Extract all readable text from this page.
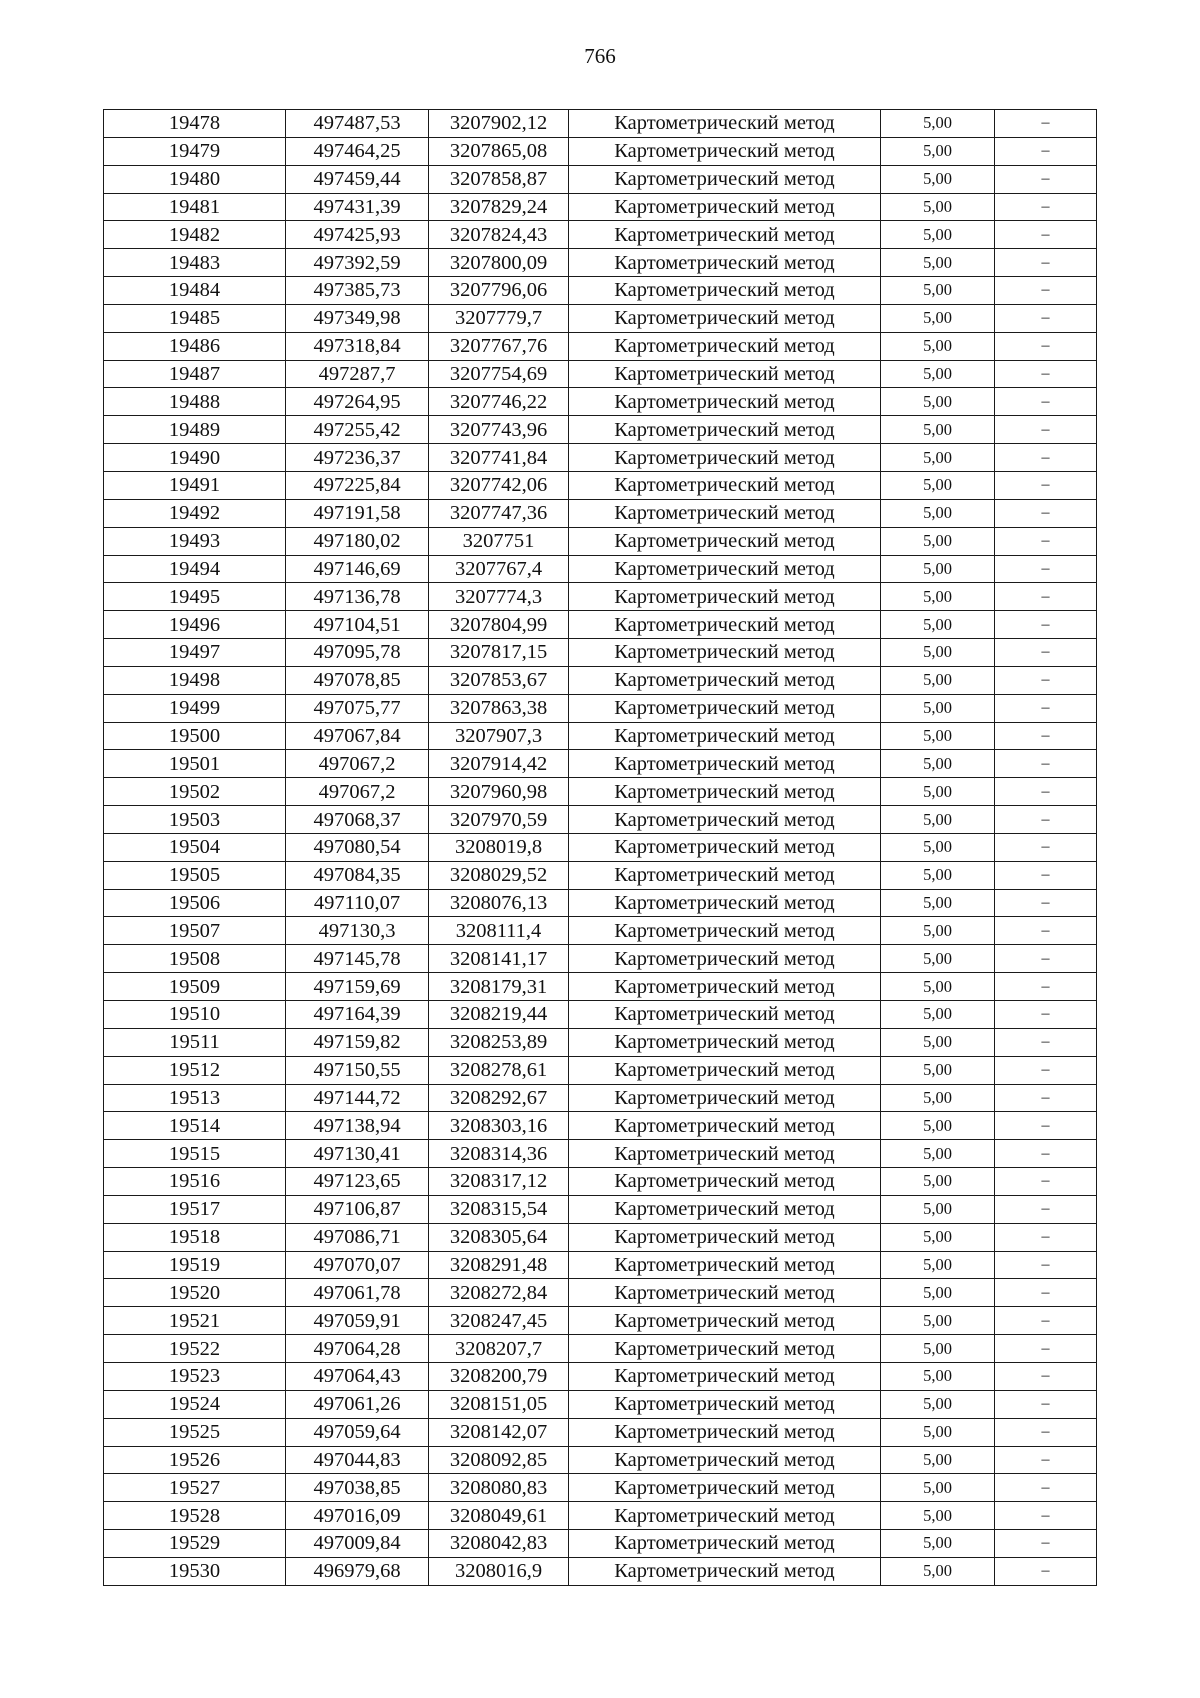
766
19478	497487,53	3207902,12	Картометрический метод	5,00	–
19479	497464,25	3207865,08	Картометрический метод	5,00	–
19480	497459,44	3207858,87	Картометрический метод	5,00	–
19481	497431,39	3207829,24	Картометрический метод	5,00	–
19482	497425,93	3207824,43	Картометрический метод	5,00	–
19483	497392,59	3207800,09	Картометрический метод	5,00	–
19484	497385,73	3207796,06	Картометрический метод	5,00	–
19485	497349,98	3207779,7	Картометрический метод	5,00	–
19486	497318,84	3207767,76	Картометрический метод	5,00	–
19487	497287,7	3207754,69	Картометрический метод	5,00	–
19488	497264,95	3207746,22	Картометрический метод	5,00	–
19489	497255,42	3207743,96	Картометрический метод	5,00	–
19490	497236,37	3207741,84	Картометрический метод	5,00	–
19491	497225,84	3207742,06	Картометрический метод	5,00	–
19492	497191,58	3207747,36	Картометрический метод	5,00	–
19493	497180,02	3207751	Картометрический метод	5,00	–
19494	497146,69	3207767,4	Картометрический метод	5,00	–
19495	497136,78	3207774,3	Картометрический метод	5,00	–
19496	497104,51	3207804,99	Картометрический метод	5,00	–
19497	497095,78	3207817,15	Картометрический метод	5,00	–
19498	497078,85	3207853,67	Картометрический метод	5,00	–
19499	497075,77	3207863,38	Картометрический метод	5,00	–
19500	497067,84	3207907,3	Картометрический метод	5,00	–
19501	497067,2	3207914,42	Картометрический метод	5,00	–
19502	497067,2	3207960,98	Картометрический метод	5,00	–
19503	497068,37	3207970,59	Картометрический метод	5,00	–
19504	497080,54	3208019,8	Картометрический метод	5,00	–
19505	497084,35	3208029,52	Картометрический метод	5,00	–
19506	497110,07	3208076,13	Картометрический метод	5,00	–
19507	497130,3	3208111,4	Картометрический метод	5,00	–
19508	497145,78	3208141,17	Картометрический метод	5,00	–
19509	497159,69	3208179,31	Картометрический метод	5,00	–
19510	497164,39	3208219,44	Картометрический метод	5,00	–
19511	497159,82	3208253,89	Картометрический метод	5,00	–
19512	497150,55	3208278,61	Картометрический метод	5,00	–
19513	497144,72	3208292,67	Картометрический метод	5,00	–
19514	497138,94	3208303,16	Картометрический метод	5,00	–
19515	497130,41	3208314,36	Картометрический метод	5,00	–
19516	497123,65	3208317,12	Картометрический метод	5,00	–
19517	497106,87	3208315,54	Картометрический метод	5,00	–
19518	497086,71	3208305,64	Картометрический метод	5,00	–
19519	497070,07	3208291,48	Картометрический метод	5,00	–
19520	497061,78	3208272,84	Картометрический метод	5,00	–
19521	497059,91	3208247,45	Картометрический метод	5,00	–
19522	497064,28	3208207,7	Картометрический метод	5,00	–
19523	497064,43	3208200,79	Картометрический метод	5,00	–
19524	497061,26	3208151,05	Картометрический метод	5,00	–
19525	497059,64	3208142,07	Картометрический метод	5,00	–
19526	497044,83	3208092,85	Картометрический метод	5,00	–
19527	497038,85	3208080,83	Картометрический метод	5,00	–
19528	497016,09	3208049,61	Картометрический метод	5,00	–
19529	497009,84	3208042,83	Картометрический метод	5,00	–
19530	496979,68	3208016,9	Картометрический метод	5,00	–
